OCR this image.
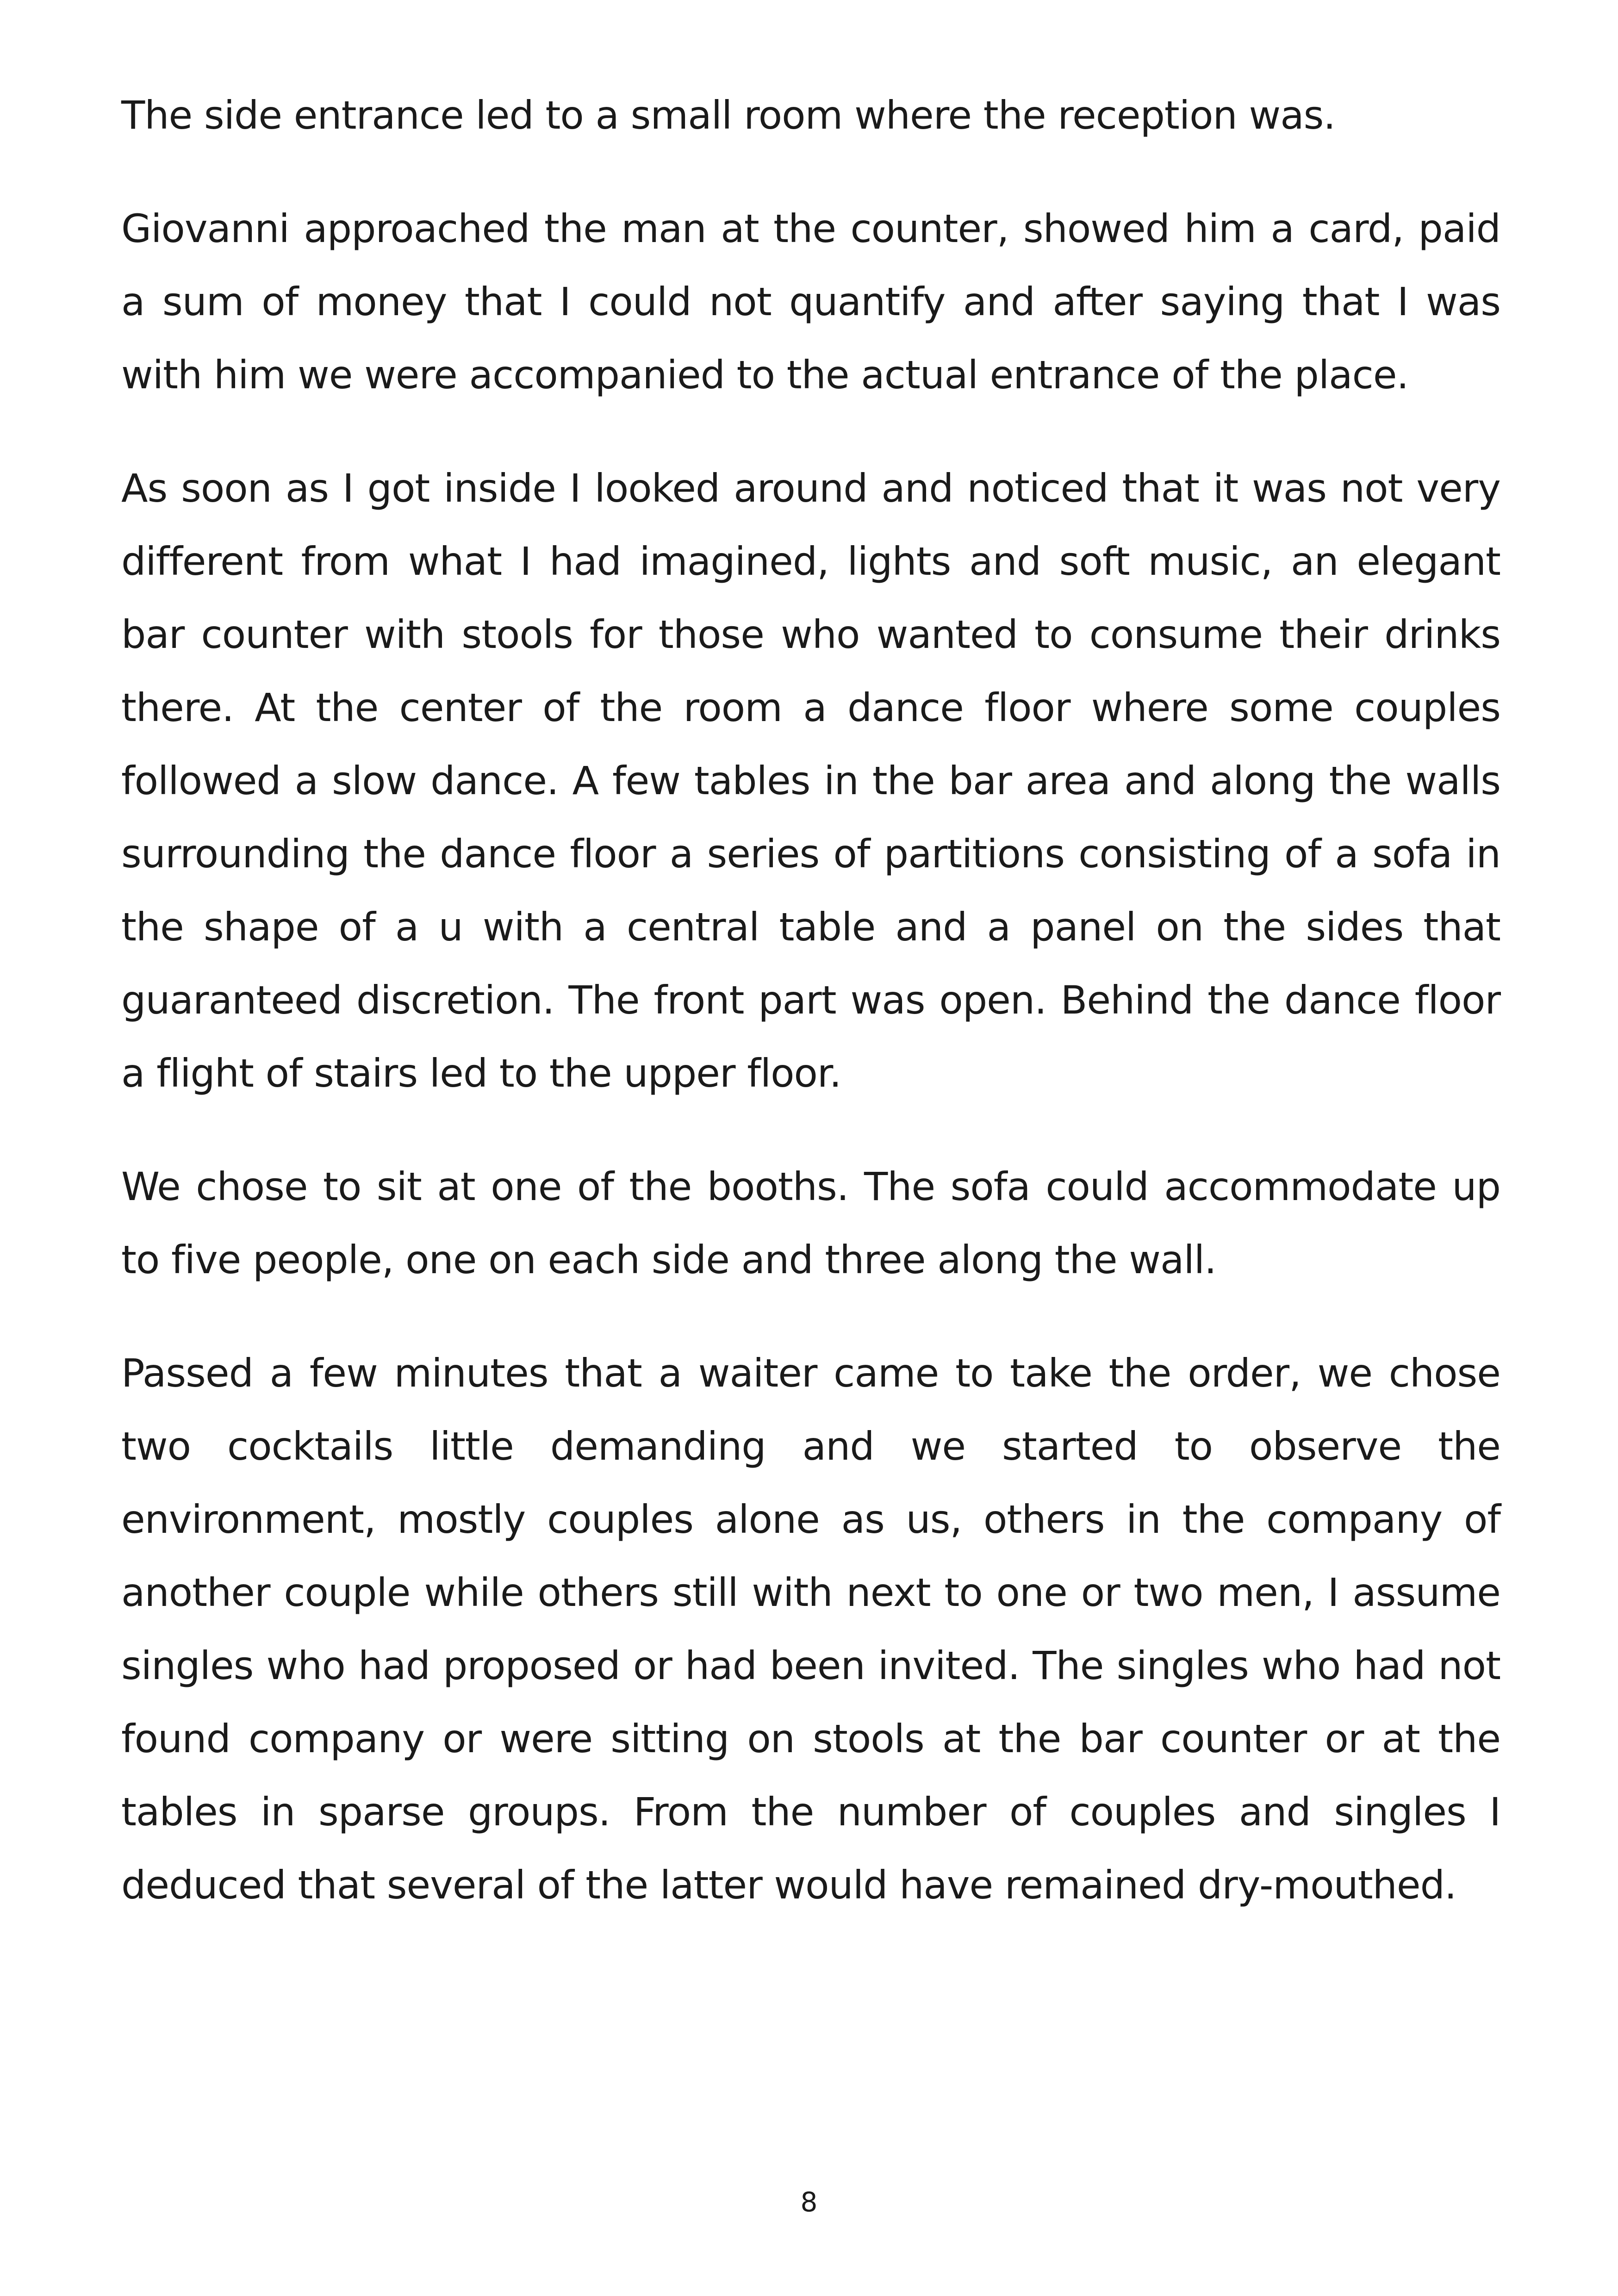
The side entrance led to a small room where the reception was.

Giovanni approached the man at the counter, showed him a card, paid a sum of money that I could not quantify and after saying that I was with him we were accompanied to the actual entrance of the place.

As soon as I got inside I looked around and noticed that it was not very different from what I had imagined, lights and soft music, an elegant bar counter with stools for those who wanted to consume their drinks there. At the center of the room a dance floor where some couples followed a slow dance. A few tables in the bar area and along the walls surrounding the dance floor a series of partitions consisting of a sofa in the shape of a u with a central table and a panel on the sides that guaranteed discretion. The front part was open. Behind the dance floor a flight of stairs led to the upper floor.

We chose to sit at one of the booths. The sofa could accommodate up to five people, one on each side and three along the wall.

Passed a few minutes that a waiter came to take the order, we chose two cocktails little demanding and we started to observe the environment, mostly couples alone as us, others in the company of another couple while others still with next to one or two men, I assume singles who had proposed or had been invited. The singles who had not found company or were sitting on stools at the bar counter or at the tables in sparse groups. From the number of couples and singles I deduced that several of the latter would have remained dry-mouthed.

8
